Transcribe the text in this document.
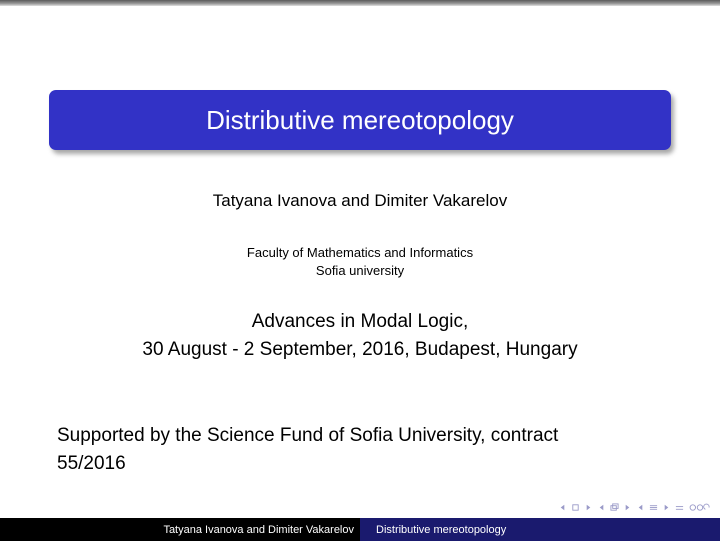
Distributive mereotopology
Tatyana Ivanova and Dimiter Vakarelov
Faculty of Mathematics and Informatics
Sofia university
Advances in Modal Logic,
30 August - 2 September, 2016, Budapest, Hungary
Supported by the Science Fund of Sofia University, contract
55/2016
Tatyana Ivanova and Dimiter Vakarelov Distributive mereotopology
